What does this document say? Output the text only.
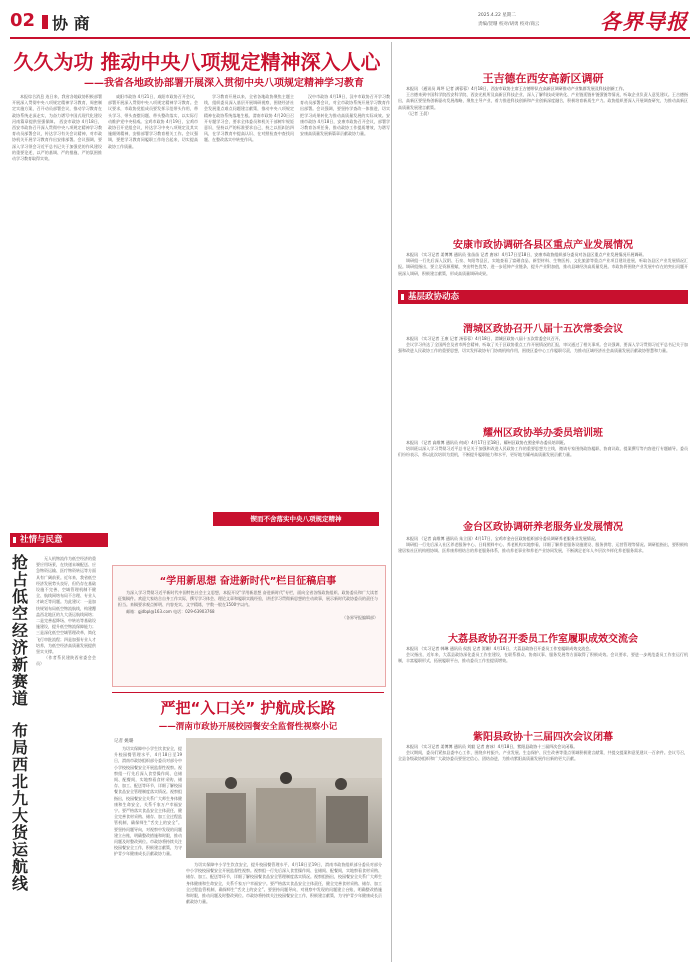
02 协 商	2025.4.22 星期二
责编/贺珊 校对/胡勇 校对/商云	各界导报
久久为功 推动中央八项规定精神深入人心
——我省各地政协部署开展深入贯彻中央八项规定精神学习教育

本报综合消息 连日来，我省各地政协积极部署开展深入贯彻中央八项规定精神学习教育，周密制定实施方案，召开动员部署会议，推动学习教育在政协系统走深走实，为奋力谱写中国式现代化建设河南篇章提供坚强保障。 西安市政协 4月18日，西安市政协召开深入贯彻中央八项规定精神学习教育动员部署会议，传达学习有关会议精神，对市政协机关开展学习教育作出安排部署。会议强调，要深入学习领会习近平总书记关于加强党的作风建设的重要论述，以严的基调、严的措施、严的氛围推动学习教育取得实效。

咸阳市政协 4月21日，咸阳市政协召开会议，部署开展深入贯彻中央八项规定精神学习教育。会议要求，市政协党组成员要发挥示范带头作用，带头学习、带头查摆问题、带头整改落实，以实际行动维护党中央权威。宝鸡市政协 4月19日，宝鸡市政协召开党组会议，传达学习中央八项规定及其实施细则精神，安排部署学习教育相关工作。会议强调，要把学习教育同履职工作结合起来，切实提高政协工作质量。

学习教育开展以来，全省各地政协聚焦主题主线，组织委员深入基层开展调研视察，围绕经济社会发展重点难点问题建言献策，推动中央八项规定精神在政协系统落地生根。渭南市政协 4月20日召开专题学习会，要求全体委员和机关干部树牢规矩意识，坚持以严的标准要求自己，持之以恒纠治四风，在学习教育中提高认识、在对照检查中查找问题、在整改落实中转变作风。

汉中市政协 4月19日，汉中市政协召开学习教育动员部署会议，对全市政协系统开展学习教育作出部署。会议强调，要坚持学查改一体推进，切实把学习成果转化为推动高质量发展的实际成效。安康市政协 4月18日，安康市政协召开会议，部署学习教育各项任务，推动政协工作提质增效，为谱写安康高质量发展新篇章贡献政协力量。

锲而不舍落实中央八项规定精神
王吉德在西安高新区调研

本报讯 （通讯员 周坪 记者 满蓉蓉）4月18日，西安市政协主席王吉德带队在高新区调研推动产业集群发展及科技创新工作。

王吉德来到中国科学院西安科学院、西安光机所及高新区科技企业，深入了解科技成果转化、产业链延链补链强链等情况，听取企业负责人意见建议。王吉德指出，高新区要坚持创新驱动发展战略，聚焦主导产业，着力推进科技创新和产业创新深度融合，积极培育新质生产力。政协组织要深入开展调查研究，为推动高新区高质量发展建言献策。

（记者 王晨）

安康市政协调研各县区重点产业发展情况

本报讯 （实习记者 姜博博 通讯员 张苗苗 记者 唐冰）4月17日至18日，安康市政协组织部分委员对各县区重点产业发展情况开展调研。

调研组一行先后深入汉阴、石泉、旬阳等县区，实地查看了富硒食品、新型材料、生物医药、文化旅游等重点产业项目建设进展，听取各县区产业发展情况汇报。调研组指出，要立足资源禀赋，突出特色优势，进一步延伸产业链条，提升产业附加值，推动县域经济高质量发展。市政协将围绕产业发展中存在的突出问题开展深入调研，积极建言献策，形成高质量调研成果。

基层政协动态
渭城区政协召开八届十五次常委会议

本报讯 （实习记者 王康 记者 汤蓉蓉）4月18日，渭城区政协八届十五次常委会议召开。

会议学习传达了全国两会及省市两会精神，听取了关于区政协重点工作开展情况的汇报，审议通过了相关事项。会议强调，要深入学习贯彻习近平总书记关于加强和改进人民政协工作的重要思想，切实发挥政协专门协商机构作用，围绕区委中心工作履职尽责，为推动区域经济社会高质量发展贡献政协智慧和力量。

耀州区政协举办委员培训班

本报讯 （记者 高维博 通讯员 何成）4月17日至18日，耀州区政协在照金举办委员培训班。

培训班以深入学习贯彻习近平总书记关于加强和改进人民政协工作的重要思想为主线，邀请专家围绕政协履职、协商议政、提案撰写等内容进行专题辅导。委员们纷纷表示，将以此次培训为契机，不断提升履职能力和水平，更好地为耀州高质量发展贡献力量。

金台区政协调研养老服务业发展情况

本报讯 （记者 高维博 通讯员 朱立国）4月17日，宝鸡市金台区政协组织部分委员调研养老服务业发展情况。

调研组一行先后深入社区养老服务中心、日间照料中心、养老机构实地察看，详细了解养老服务设施建设、服务供给、运营管理等情况。调研组指出，要积极构建居家社区机构相协调、医养康养相结合的养老服务体系，推动养老事业和养老产业协同发展，不断满足老年人多层次多样化养老服务需求。

大荔县政协召开委员工作室履职成效交流会

本报讯 （实习记者 韩琳 通讯员 侯凯 记者 贺珊）4月16日，大荔县政协召开委员工作室履职成效交流会。

会议指出，近年来，大荔县政协深化委员工作室建设，在联系群众、协商议事、服务发展等方面取得了积极成效。会议要求，要进一步规范委员工作室运行机制，丰富履职形式，拓展履职平台，推动委员工作室提质增效。

紫阳县政协十三届四次会议闭幕

本报讯 （实习记者 姜博博 通讯员 刘毅 记者 唐冰）4月18日，紫阳县政协十三届四次会议闭幕。

会议期间，委员们紧扣县委中心工作，围绕乡村振兴、产业发展、生态保护、民生改善等重点领域积极建言献策，共提交提案和意见建议一百余件。会议号召，全县各级政协组织和广大政协委员要坚定信心、团结奋进，为推动紫阳高质量发展作出新的更大贡献。

社情与民意
抢占低空经济新赛道
布局西北九大货运航线

无人机物流作为低空经济的重要应用场景，在快递末端配送、应急物资运输、医疗物资转运等方面具有广阔前景。近年来，我省低空经济发展势头良好，但仍存在基础设施不完善、空域管理机制不健全、航线网络布局不合理、专业人才缺乏等问题。为此建议：一是加快规划布局低空物流航线，构建覆盖西北地区的九大货运航线网络；二是完善起降场、中转站等基础设施建设，提升低空物流保障能力；三是深化低空空域管理改革，简化飞行审批流程；四是加强专业人才培养，为低空经济高质量发展提供坚实支撑。

（作者系民建陕西省委会会员）

“学用新思想 奋进新时代”栏目征稿启事

为深入学习贯彻习近平新时代中国特色社会主义思想，本报开设“学用新思想 奋进新时代”专栏，面向全省各级政协组织、政协委员和广大读者征集稿件。欢迎大家结合自身工作实际，撰写学习体会、理论文章和履职实践经验，讲述学习贯彻新思想的生动故事，展示新时代政协委员的责任与担当。来稿要求观点鲜明、内容充实、文字精练，字数一般在1500字以内。

邮箱：gjdbpl@163.com 电话：029-63903768

（各界导报编辑部）

严把“入口关” 护航成长路
——渭南市政协开展校园餐安全监督性视察小记
记者 姚璐

为切实保障中小学生饮食安全，提升校园餐管理水平，4月18日至19日，渭南市政协组织部分委员对部分中小学校校园餐安全开展监督性视察。视察组一行先后深入食堂操作间、仓储间、配餐间，实地察看食材采购、储存、加工、配送等环节，详细了解校园餐食品安全管理制度落实情况。视察组指出，校园餐安全关系广大师生身体健康和生命安全，关系千家万户幸福安宁。要严格落实食品安全主体责任，健全完善食材采购、储存、加工全过程监管机制，确保师生“舌尖上的安全”。要坚持问题导向，对视察中发现的问题建立台账，明确整改措施和时限，推动问题及时整改到位。市政协将持续关注校园餐安全工作，积极建言献策，为守护青少年健康成长贡献政协力量。

为切实保障中小学生饮食安全，提升校园餐管理水平，4月18日至19日，渭南市政协组织部分委员对部分中小学校校园餐安全开展监督性视察。视察组一行先后深入食堂操作间、仓储间、配餐间，实地察看食材采购、储存、加工、配送等环节，详细了解校园餐食品安全管理制度落实情况。视察组指出，校园餐安全关系广大师生身体健康和生命安全，关系千家万户幸福安宁。要严格落实食品安全主体责任，健全完善食材采购、储存、加工全过程监管机制，确保师生“舌尖上的安全”。要坚持问题导向，对视察中发现的问题建立台账，明确整改措施和时限，推动问题及时整改到位。市政协将持续关注校园餐安全工作，积极建言献策，为守护青少年健康成长贡献政协力量。
